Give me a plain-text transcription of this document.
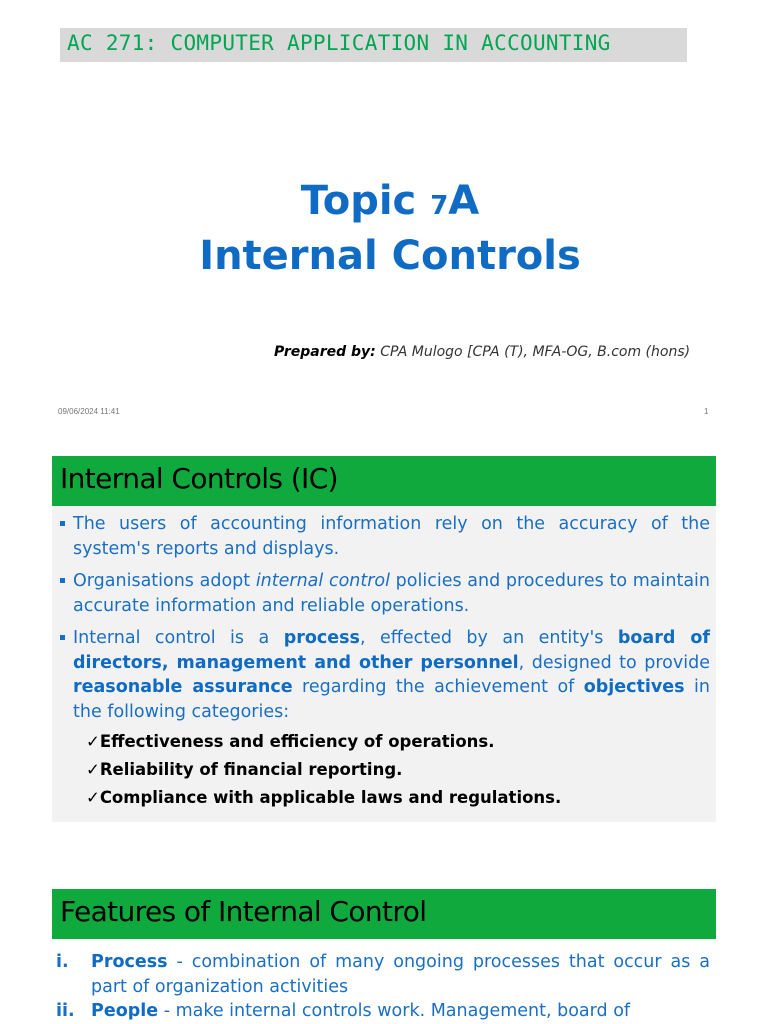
AC 271: COMPUTER APPLICATION IN ACCOUNTING
Topic 7A
Internal Controls
Prepared by: CPA Mulogo [CPA (T), MFA-OG, B.com (hons)
09/06/2024 11:41	1
Internal Controls (IC)
The users of accounting information rely on the accuracy of the system's reports and displays.
Organisations adopt internal control policies and procedures to maintain accurate information and reliable operations.
Internal control is a process, effected by an entity's board of directors, management and other personnel, designed to provide reasonable assurance regarding the achievement of objectives in the following categories:
✓Effectiveness and efficiency of operations.
✓Reliability of financial reporting.
✓Compliance with applicable laws and regulations.
Features of Internal Control
i. Process - combination of many ongoing processes that occur as a part of organization activities
ii. People - make internal controls work. Management, board of
